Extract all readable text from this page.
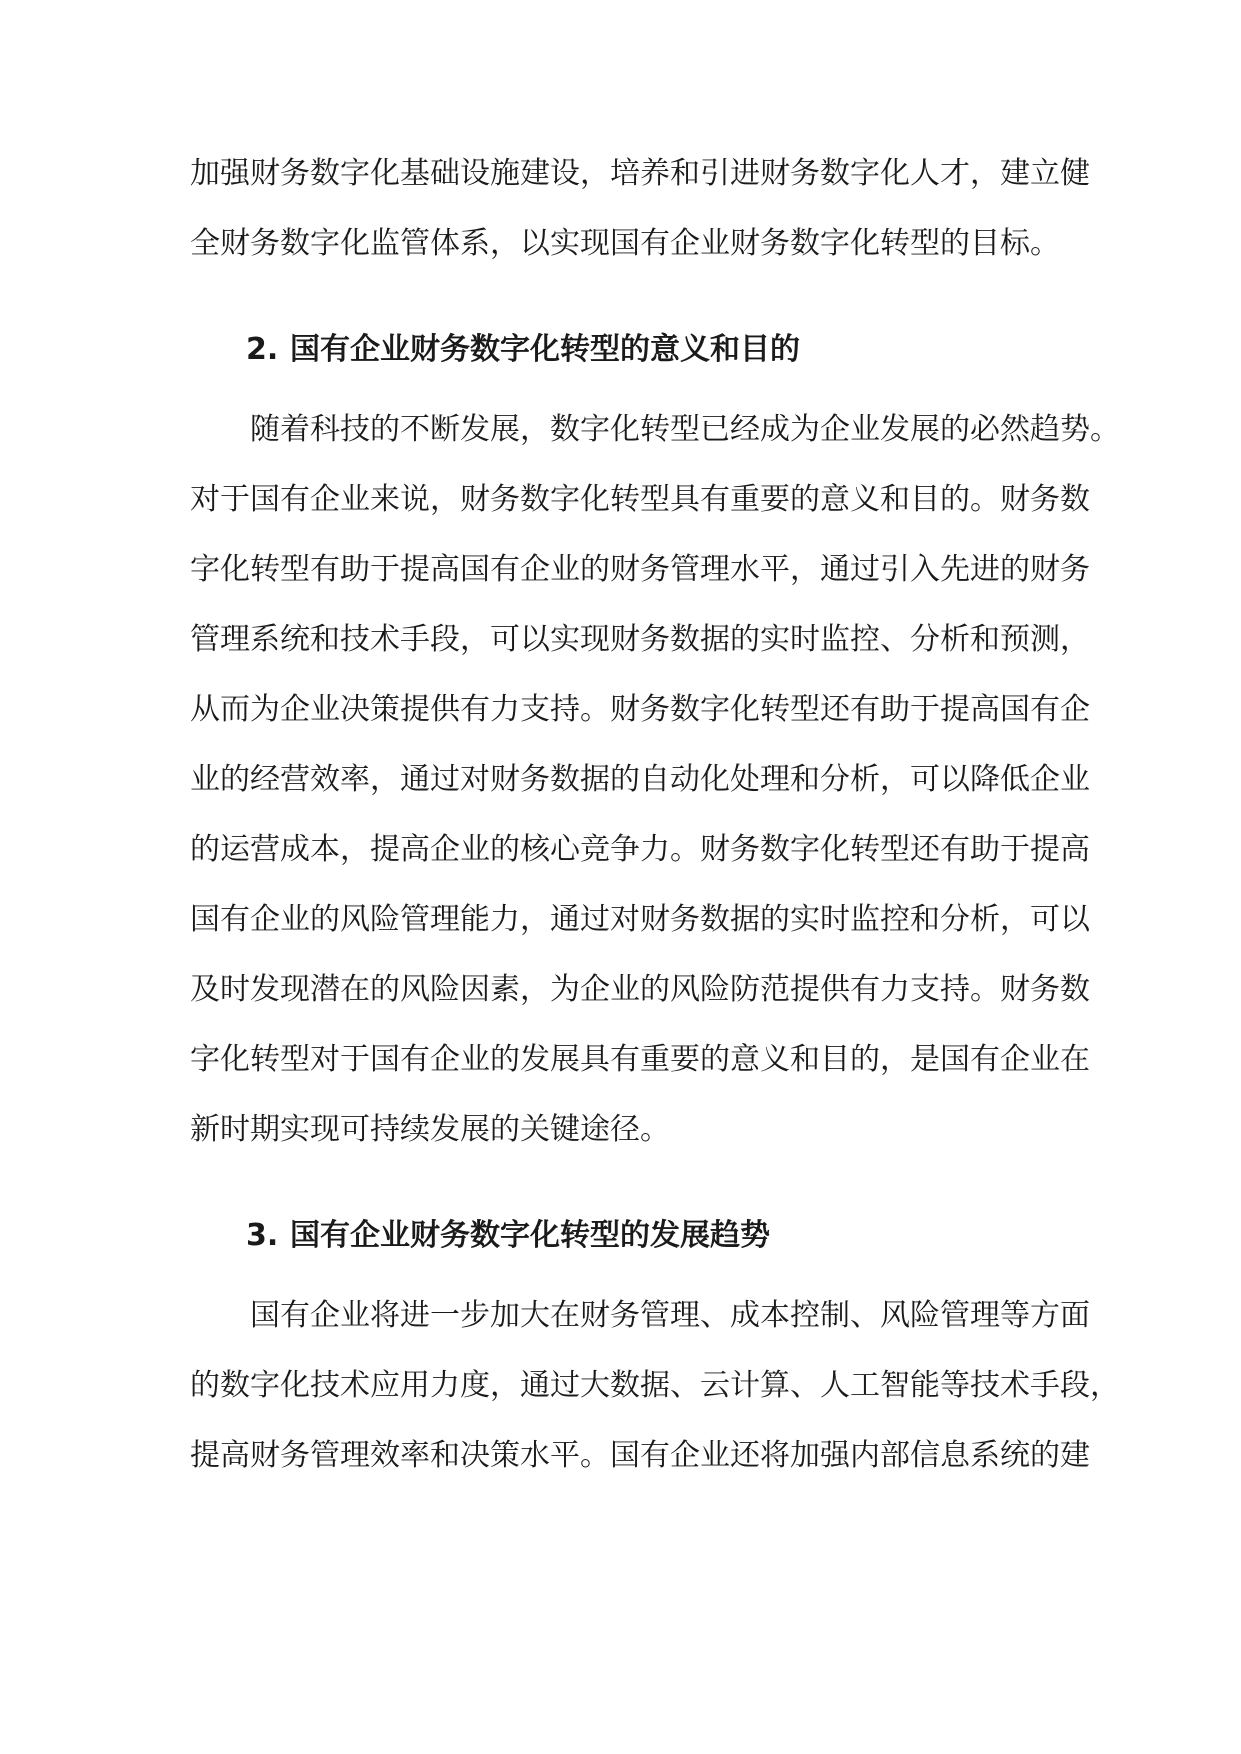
加强财务数字化基础设施建设，培养和引进财务数字化人才，建立健
全财务数字化监管体系，以实现国有企业财务数字化转型的目标。
2. 国有企业财务数字化转型的意义和目的
随着科技的不断发展，数字化转型已经成为企业发展的必然趋势。
对于国有企业来说，财务数字化转型具有重要的意义和目的。财务数
字化转型有助于提高国有企业的财务管理水平，通过引入先进的财务
管理系统和技术手段，可以实现财务数据的实时监控、分析和预测，
从而为企业决策提供有力支持。财务数字化转型还有助于提高国有企
业的经营效率，通过对财务数据的自动化处理和分析，可以降低企业
的运营成本，提高企业的核心竞争力。财务数字化转型还有助于提高
国有企业的风险管理能力，通过对财务数据的实时监控和分析，可以
及时发现潜在的风险因素，为企业的风险防范提供有力支持。财务数
字化转型对于国有企业的发展具有重要的意义和目的，是国有企业在
新时期实现可持续发展的关键途径。
3. 国有企业财务数字化转型的发展趋势
国有企业将进一步加大在财务管理、成本控制、风险管理等方面
的数字化技术应用力度，通过大数据、云计算、人工智能等技术手段，
提高财务管理效率和决策水平。国有企业还将加强内部信息系统的建
